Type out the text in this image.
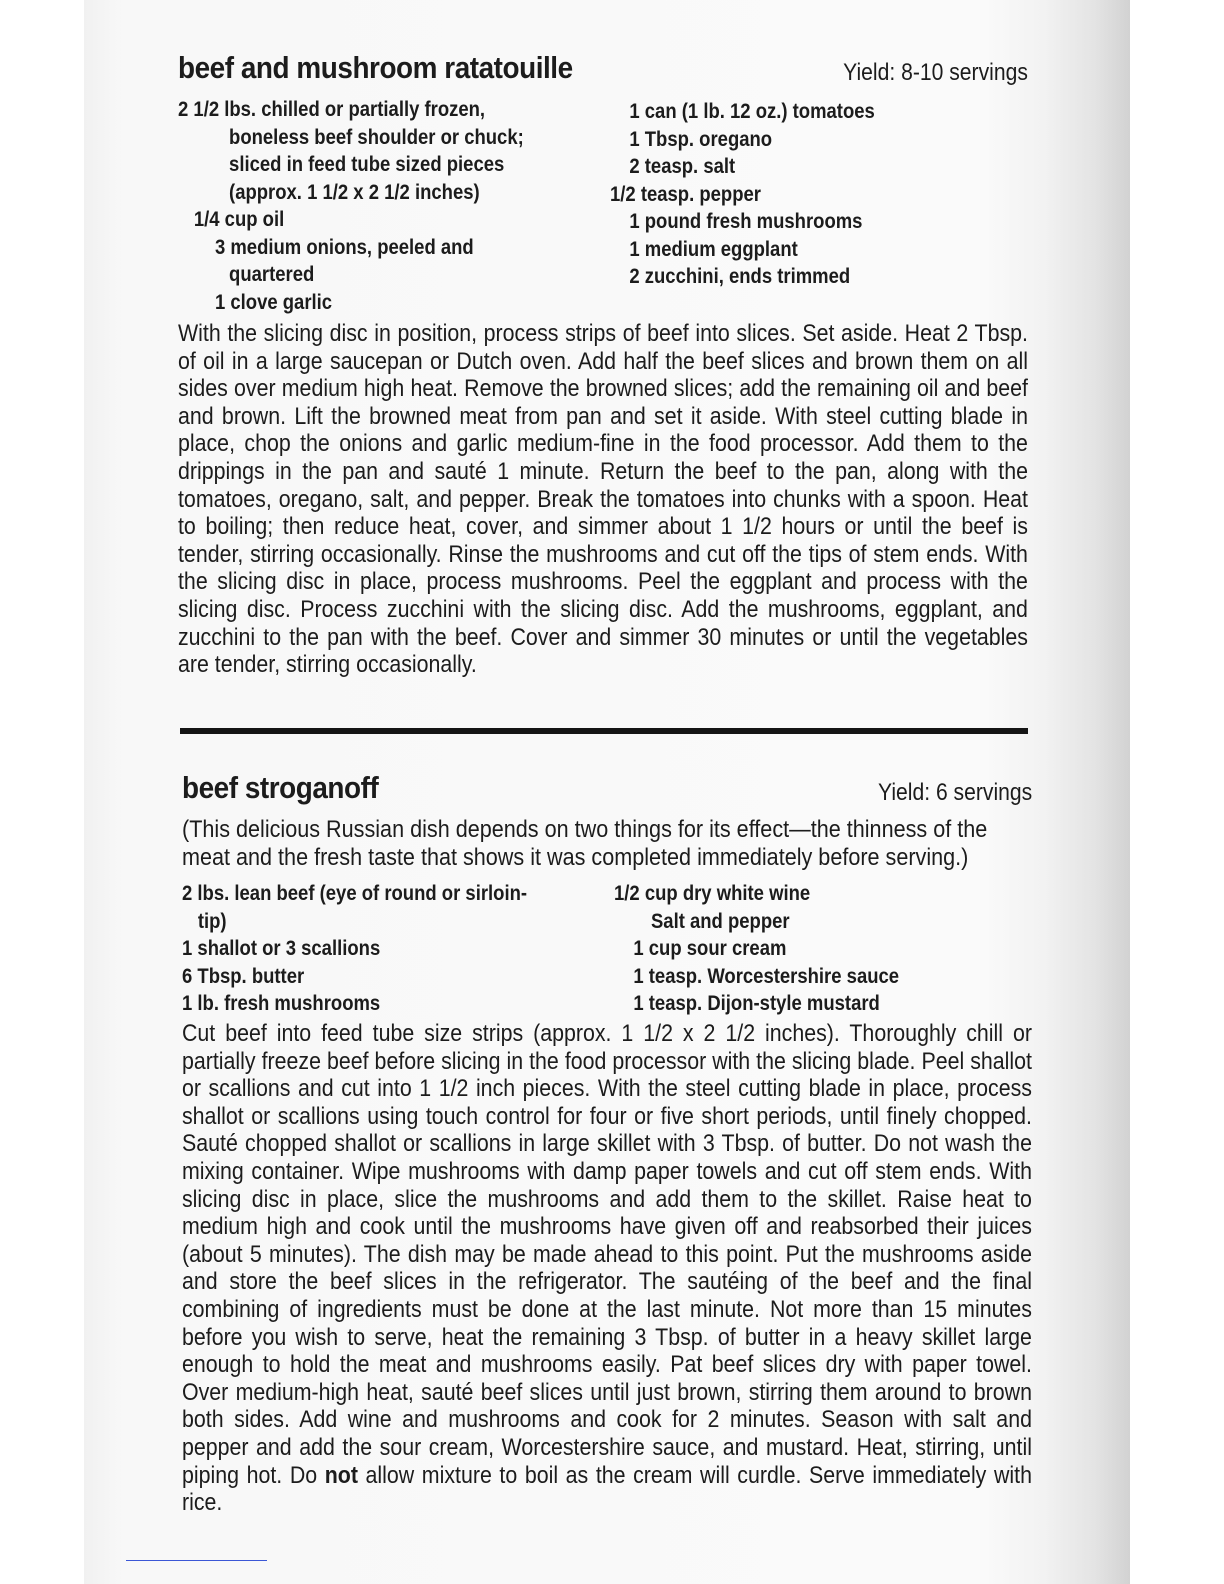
beef and mushroom ratatouille	Yield: 8-10 servings
2 1/2 lbs. chilled or partially frozen,
boneless beef shoulder or chuck;
sliced in feed tube sized pieces
(approx. 1 1/2 x 2 1/2 inches)
1/4 cup oil
3 medium onions, peeled and
quartered
1 clove garlic
1 can (1 lb. 12 oz.) tomatoes
1 Tbsp. oregano
2 teasp. salt
1/2 teasp. pepper
1 pound fresh mushrooms
1 medium eggplant
2 zucchini, ends trimmed

With the slicing disc in position, process strips of beef into slices. Set aside. Heat 2 Tbsp. of oil in a large saucepan or Dutch oven. Add half the beef slices and brown them on all sides over medium high heat. Remove the browned slices; add the remaining oil and beef and brown. Lift the browned meat from pan and set it aside. With steel cutting blade in place, chop the onions and garlic medium-fine in the food processor. Add them to the drippings in the pan and sauté 1 minute. Return the beef to the pan, along with the tomatoes, oregano, salt, and pepper. Break the tomatoes into chunks with a spoon. Heat to boiling; then reduce heat, cover, and simmer about 1 1/2 hours or until the beef is tender, stirring occasionally. Rinse the mushrooms and cut off the tips of stem ends. With the slicing disc in place, process mushrooms. Peel the eggplant and process with the slicing disc. Process zucchini with the slicing disc. Add the mushrooms, eggplant, and zucchini to the pan with the beef. Cover and simmer 30 minutes or until the vegetables are tender, stirring occasionally.

beef stroganoff	Yield: 6 servings

(This delicious Russian dish depends on two things for its effect—the thinness of the meat and the fresh taste that shows it was completed immediately before serving.)

2 lbs. lean beef (eye of round or sirloin-
tip)
1 shallot or 3 scallions
6 Tbsp. butter
1 lb. fresh mushrooms
1/2 cup dry white wine
Salt and pepper
1 cup sour cream
1 teasp. Worcestershire sauce
1 teasp. Dijon-style mustard

Cut beef into feed tube size strips (approx. 1 1/2 x 2 1/2 inches). Thoroughly chill or partially freeze beef before slicing in the food processor with the slicing blade. Peel shallot or scallions and cut into 1 1/2 inch pieces. With the steel cutting blade in place, process shallot or scallions using touch control for four or five short periods, until finely chopped. Sauté chopped shallot or scallions in large skillet with 3 Tbsp. of butter. Do not wash the mixing container. Wipe mushrooms with damp paper towels and cut off stem ends. With slicing disc in place, slice the mushrooms and add them to the skillet. Raise heat to medium high and cook until the mushrooms have given off and reabsorbed their juices (about 5 minutes). The dish may be made ahead to this point. Put the mushrooms aside and store the beef slices in the refrigerator. The sautéing of the beef and the final combining of ingredients must be done at the last minute. Not more than 15 minutes before you wish to serve, heat the remaining 3 Tbsp. of butter in a heavy skillet large enough to hold the meat and mushrooms easily. Pat beef slices dry with paper towel. Over medium-high heat, sauté beef slices until just brown, stirring them around to brown both sides. Add wine and mushrooms and cook for 2 minutes. Season with salt and pepper and add the sour cream, Worcestershire sauce, and mustard. Heat, stirring, until piping hot. Do not allow mixture to boil as the cream will curdle. Serve immediately with rice.
